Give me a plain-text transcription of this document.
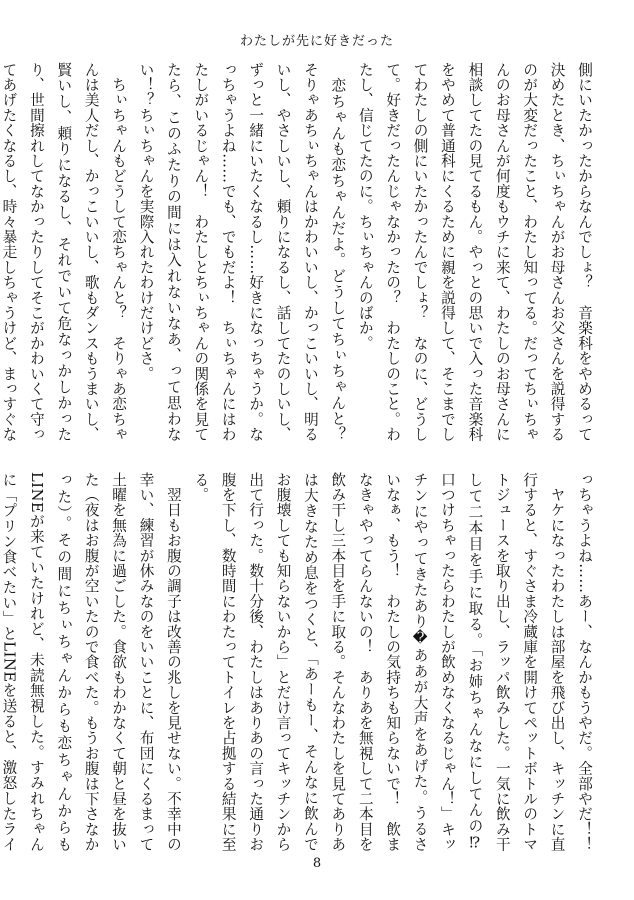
わたしが先に好きだった

側にいたかったからなんでしょ？　音楽科をやめるって決めたとき、ちぃちゃんがお母さんお父さんを説得するのが大変だったこと、わたし知ってる。だってちぃちゃんのお母さんが何度もウチに来て、わたしのお母さんに相談してたの見てるもん。やっとの思いで入った音楽科をやめて普通科にくるために親を説得して、そこまでしてわたしの側にいたかったんでしょ？　なのに、どうして。好きだったんじゃなかったの？　わたしのこと。わたし、信じてたのに。ちぃちゃんのばか。

　恋ちゃんも恋ちゃんだよ。どうしてちぃちゃんと？　そりゃあちぃちゃんはかわいいし、かっこいいし、明るいし、やさしいし、頼りになるし、話してたのしいし、ずっと一緒にいたくなるし……好きになっちゃうか。なっちゃうよね……でも、でもだよ！　ちぃちゃんにはわたしがいるじゃん！　わたしとちぃちゃんの関係を見てたら、このふたりの間には入れないなあ、って思わない！？ちぃちゃんを実際入れたわけだけどさ。

　ちぃちゃんもどうして恋ちゃんと？　そりゃあ恋ちゃんは美人だし、かっこいいし、歌もダンスもうまいし、賢いし、頼りになるし、それでいて危なっかしかったり、世間擦れしてなかったりしてそこがかわいくて守ってあげたくなるし、時々暴走しちゃうけど、まっすぐな

っちゃうよね……あー、なんかもうやだ。全部やだ！！

　ヤケになったわたしは部屋を飛び出し、キッチンに直行すると、すぐさま冷蔵庫を開けてペットボトルのトマトジュースを取り出し、ラッパ飲みした。一気に飲み干して二本目を手に取る。「お姉ちゃんなにしてんの⁉　口つけちゃったらわたしが飲めなくなるじゃん！」キッチンにやってきたあり�ああが大声をあげた。うるさいなぁ、もう！　わたしの気持ちも知らないで！　飲まなきゃやってらんないの！　ありあを無視して二本目を飲み干し三本目を手に取る。そんなわたしを見てありあは大きなため息をつくと、「あーもー、そんなに飲んでお腹壊しても知らないから」とだけ言ってキッチンから出て行った。数十分後、わたしはありあの言った通りお腹を下し、数時間にわたってトイレを占拠する結果に至る。

　翌日もお腹の調子は改善の兆しを見せない。不幸中の幸い、練習が休みなのをいいことに、布団にくるまって土曜を無為に過ごした。食欲もわかなくて朝と昼を抜いた（夜はお腹が空いたので食べた。もうお腹は下さなかった）。その間にちぃちゃんからも恋ちゃんからもLINEが来ていたけれど、未読無視した。すみれちゃんに「プリン食べたい」とLINEを送ると、激怒したライ

8
